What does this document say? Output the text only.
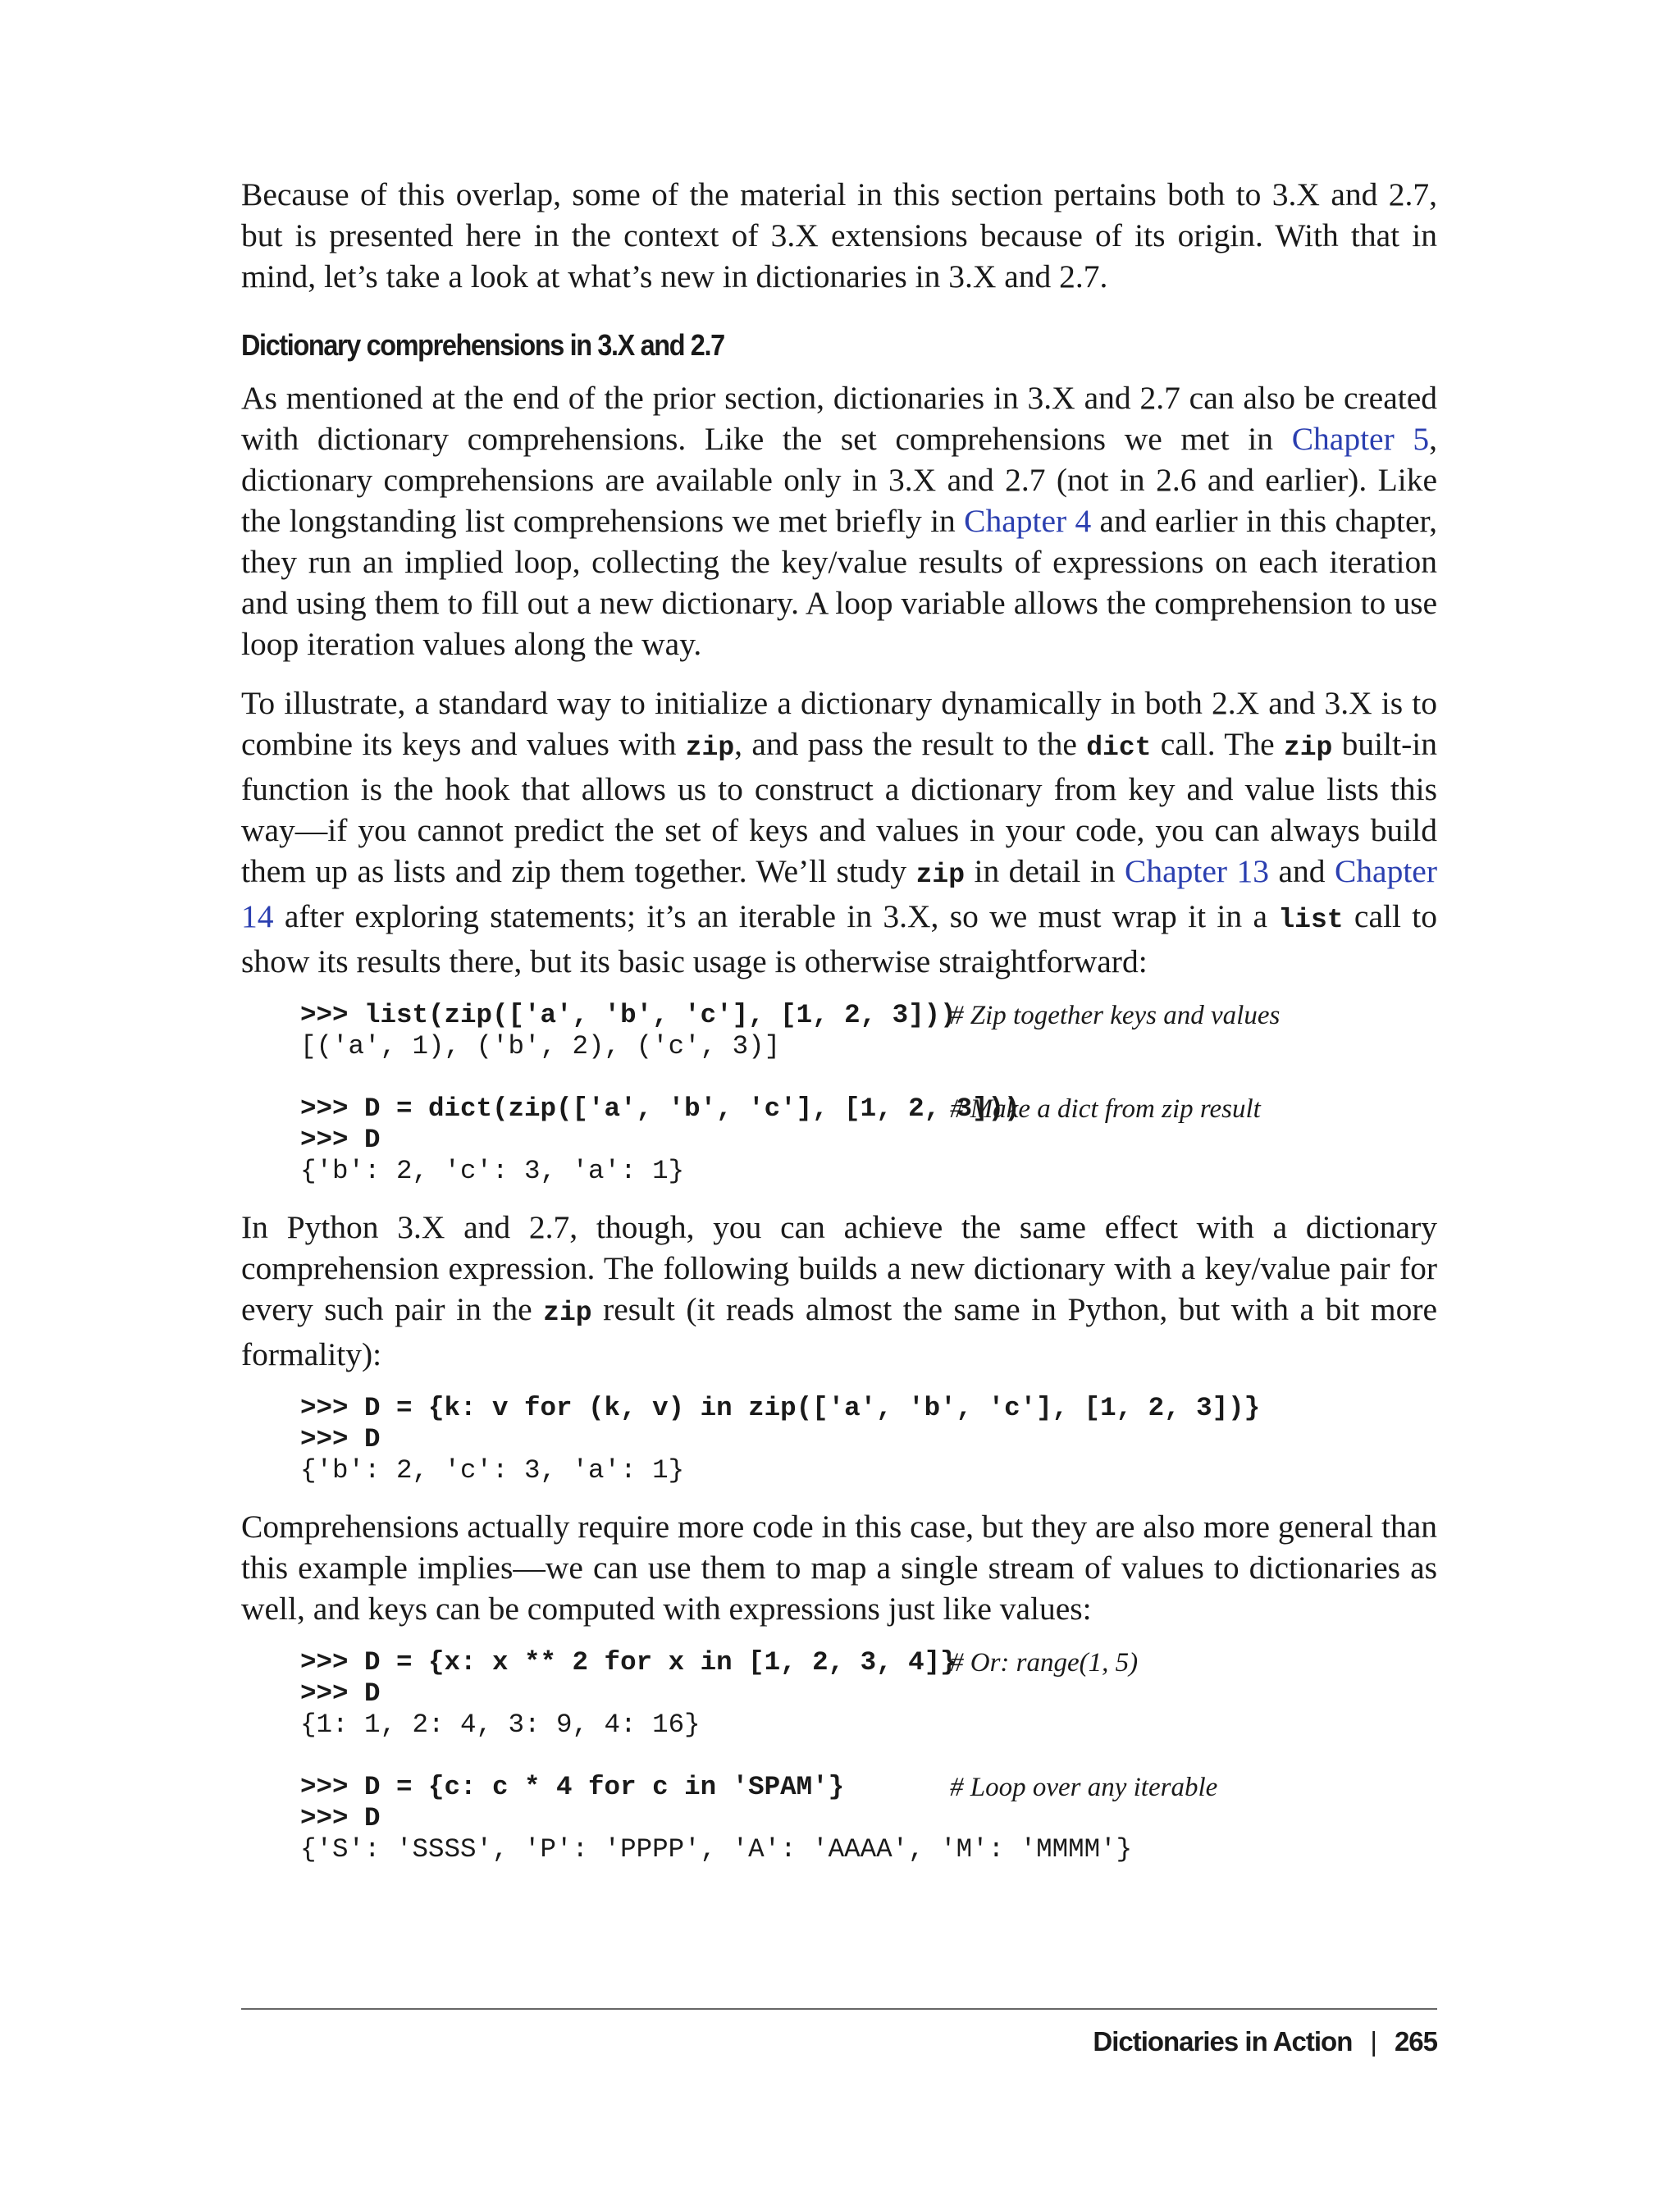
Because of this overlap, some of the material in this section pertains both to 3.X and 2.7, but is presented here in the context of 3.X extensions because of its origin. With that in mind, let’s take a look at what’s new in dictionaries in 3.X and 2.7.

Dictionary comprehensions in 3.X and 2.7

As mentioned at the end of the prior section, dictionaries in 3.X and 2.7 can also be created with dictionary comprehensions. Like the set comprehensions we met in Chapter 5, dictionary comprehensions are available only in 3.X and 2.7 (not in 2.6 and earlier). Like the longstanding list comprehensions we met briefly in Chapter 4 and earlier in this chapter, they run an implied loop, collecting the key/value results of expressions on each iteration and using them to fill out a new dictionary. A loop variable allows the comprehension to use loop iteration values along the way.

To illustrate, a standard way to initialize a dictionary dynamically in both 2.X and 3.X is to combine its keys and values with zip, and pass the result to the dict call. The zip built-in function is the hook that allows us to construct a dictionary from key and value lists this way—if you cannot predict the set of keys and values in your code, you can always build them up as lists and zip them together. We’ll study zip in detail in Chapter 13 and Chapter 14 after exploring statements; it’s an iterable in 3.X, so we must wrap it in a list call to show its results there, but its basic usage is otherwise straightforward:

>>> list(zip(['a', 'b', 'c'], [1, 2, 3]))
# Zip together keys and values
[('a', 1), ('b', 2), ('c', 3)]
>>> D = dict(zip(['a', 'b', 'c'], [1, 2, 3]))
# Make a dict from zip result
>>> D
{'b': 2, 'c': 3, 'a': 1}

In Python 3.X and 2.7, though, you can achieve the same effect with a dictionary comprehension expression. The following builds a new dictionary with a key/value pair for every such pair in the zip result (it reads almost the same in Python, but with a bit more formality):

>>> D = {k: v for (k, v) in zip(['a', 'b', 'c'], [1, 2, 3])}
>>> D
{'b': 2, 'c': 3, 'a': 1}

Comprehensions actually require more code in this case, but they are also more general than this example implies—we can use them to map a single stream of values to dictionaries as well, and keys can be computed with expressions just like values:

>>> D = {x: x ** 2 for x in [1, 2, 3, 4]}
# Or: range(1, 5)
>>> D
{1: 1, 2: 4, 3: 9, 4: 16}
>>> D = {c: c * 4 for c in 'SPAM'}	# Loop over any iterable
>>> D
{'S': 'SSSS', 'P': 'PPPP', 'A': 'AAAA', 'M': 'MMMM'}
Dictionaries in Action | 265
